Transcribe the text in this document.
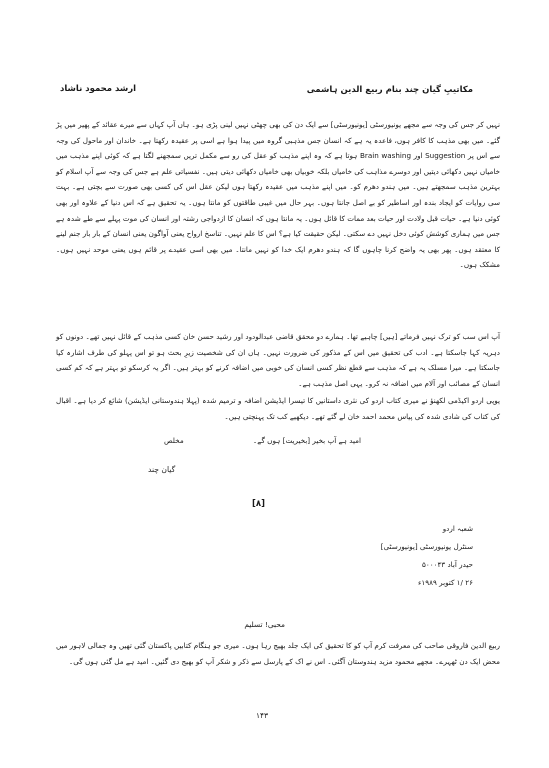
ارشد محمود ناشاد	مکاتیبِ گیان چند بنام ربیع الدین ہاشمی
نہیں کر جس کی وجہ سے مجھے یونیورسٹی [یونیورسٹی] سے ایک دن کی بھی چھٹی نہیں لینی پڑی ہو۔ ہاں آپ کہاں سے میرے عقائد کے پھیر میں پڑ گئے۔ میں بھی مذہب کا کافر ہوں، فاعدہ یہ ہے کہ انسان جس مذہبی گروہ میں پیدا ہوا ہے اسی پر عقیدہ رکھتا ہے۔ خاندان اور ماحول کی وجہ سے اس پر Suggestion اور Brain washing ہوتا ہے کہ وہ اپنے مذہب کو عقل کی رو سے مکمل تریں سمجھنے لگتا ہے کہ کوئی اپنے مذہب میں خامیاں نہیں دکھائی دیتیں اور دوسرے مذاہب کی خامیاں بلکہ خوبیاں بھی خامیاں دکھائی دیتی ہیں۔ نفسیاتی علم ہے جس کی وجہ سے آپ اسلام کو بہترین مذہب سمجھتے ہیں۔ میں ہندو دھرم کو۔ میں اپنے مذہب میں عقیدہ رکھتا ہوں لیکن عقل اس کی کسی بھی صورت سے بچتی ہے۔ بہت سی روایات کو ایجاد بندہ اور اساطیر کو بے اصل جانتا ہوں۔ بہر حال میں غیبی طاقتوں کو مانتا ہوں۔ یہ تحقیق ہے کہ اس دنیا کے علاوہ اور بھی کوئی دنیا ہے۔ حیات قبل ولادت اور حیات بعد ممات کا قائل ہوں۔ یہ مانتا ہوں کہ انسان کا ازدواجی رشتہ اور انسان کی موت پہلے سے طے شدہ ہے جس میں ہماری کوشش کوئی دخل نہیں دے سکتی۔ لیکن حقیقت کیا ہے؟ اس کا علم نہیں۔ تناسخ ارواح یعنی آواگون یعنی انسان کے بار بار جنم لینے کا معتقد ہوں۔ پھر بھی یہ واضح کرنا چاہوں گا کہ ہندو دھرم ایک خدا کو نہیں مانتا۔ میں بھی اسی عقیدے پر قائم ہوں یعنی موحد نہیں ہوں۔ مشکک ہوں۔
آپ اس سب کو ترک نہیں فرماتے [ہیں] چاہیے تھا۔ ہمارے دو محقق قاضی عبدالودود اور رشید حسن خان کسی مذہب کے قائل نہیں تھے۔ دونوں کو دہریہ کہا جاسکتا ہے۔ ادب کی تحقیق میں اس کے مذکور کی ضرورت نہیں۔ ہاں ان کی شخصیت زیرِ بحث ہو تو اس پہلو کی طرف اشارہ کیا جاسکتا ہے۔ میرا مسلک یہ ہے کہ مذہب سے قطع نظر کسی انسان کی خوبی میں اضافہ کرنے کو بہتر ہیں۔ اگر یہ کرسکو تو بہتر ہے کہ کم کسی انسان کے مصائب اور آلام میں اضافہ نہ کرو۔ یہی اصل مذہب ہے۔
یوپی اردو اکیڈمی لکھنؤ نے میری کتاب اردو کی نثری داستانیں کا تیسرا ایڈیشن اضافہ و ترمیم شدہ (پہلا ہندوستانی ایڈیشن) شائع کر دیا ہے۔ اقبال کی کتاب کی شادی شدہ کی پیاس محمد احمد خان لے گئے تھے۔ دیکھیے کب تک پہنچتی ہیں۔
امید ہے آپ بخیر [بخیریت] ہوں گے۔
مخلص
گیان چند
[۸]
شعبہ اردو
سنٹرل یونیورسٹی [یونیورسٹی]
حیدر آباد ۵۰۰۰۴۳
۲۶ /۱ کتوبر ۱۹۸۹ء
محبی! تسلیم
ربیع الدین فاروقی صاحب کی معرفت کرم آپ کو کا تحقیق کی ایک جلد بھیج رہا ہوں۔ میری جو ہنگام کتابیں پاکستان گئی تھیں وہ جمالی لاہور میں محض ایک دن ٹھہرے۔ مجھے محمود مزید ہندوستان آگئی۔ اس نے اک کے پارسل سے ذکر و شکر آپ کو بھیج دی گئیں۔ امید ہے مل گئی ہوں گی۔
۱۴۳
